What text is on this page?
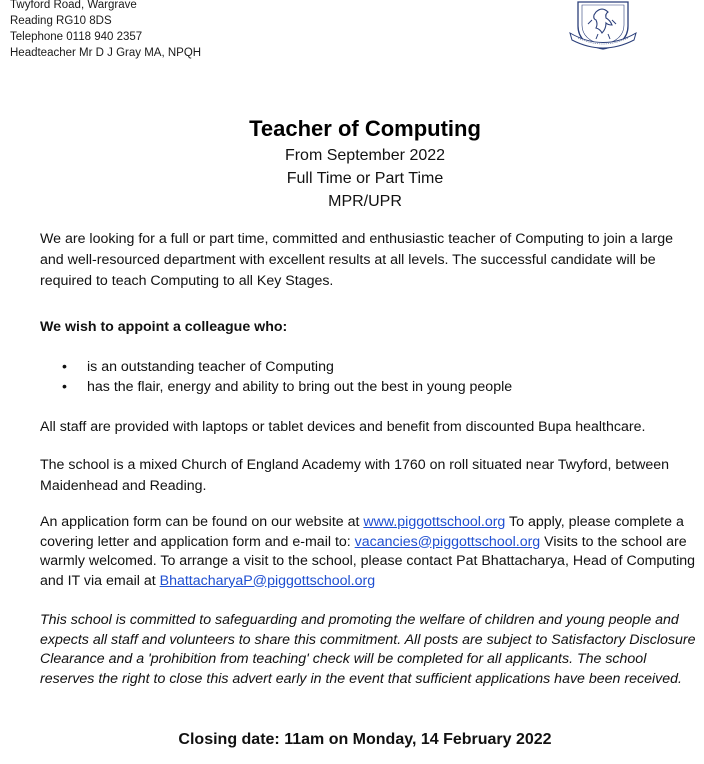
Twyford Road, Wargrave
Reading RG10 8DS
Telephone 0118 940 2357
Headteacher Mr D J Gray MA, NPQH
Teacher of Computing
From September 2022
Full Time or Part Time
MPR/UPR
We are looking for a full or part time, committed and enthusiastic teacher of Computing to join a large and well-resourced department with excellent results at all levels. The successful candidate will be required to teach Computing to all Key Stages.
We wish to appoint a colleague who:
• is an outstanding teacher of Computing
• has the flair, energy and ability to bring out the best in young people
All staff are provided with laptops or tablet devices and benefit from discounted Bupa healthcare.
The school is a mixed Church of England Academy with 1760 on roll situated near Twyford, between Maidenhead and Reading.
An application form can be found on our website at www.piggottschool.org To apply, please complete a covering letter and application form and e-mail to: vacancies@piggottschool.org Visits to the school are warmly welcomed. To arrange a visit to the school, please contact Pat Bhattacharya, Head of Computing and IT via email at BhattacharyaP@piggottschool.org
This school is committed to safeguarding and promoting the welfare of children and young people and expects all staff and volunteers to share this commitment. All posts are subject to Satisfactory Disclosure Clearance and a 'prohibition from teaching' check will be completed for all applicants. The school reserves the right to close this advert early in the event that sufficient applications have been received.
Closing date: 11am on Monday, 14 February 2022
